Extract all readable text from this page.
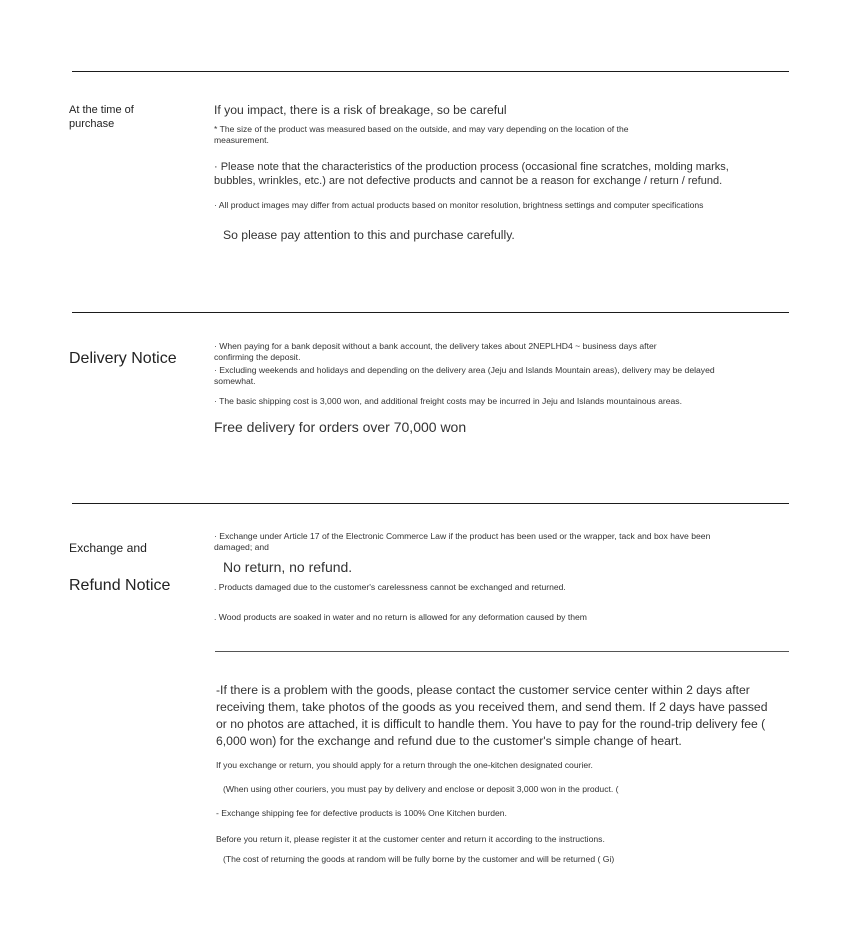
At the time of
purchase
If you impact, there is a risk of breakage, so be careful
* The size of the product was measured based on the outside, and may vary depending on the location of the measurement.
· Please note that the characteristics of the production process (occasional fine scratches, molding marks, bubbles, wrinkles, etc.) are not defective products and cannot be a reason for exchange / return / refund.
· All product images may differ from actual products based on monitor resolution, brightness settings and computer specifications
So please pay attention to this and purchase carefully.
Delivery Notice
· When paying for a bank deposit without a bank account, the delivery takes about 2NEPLHD4 ~ business days after confirming the deposit.
· Excluding weekends and holidays and depending on the delivery area (Jeju and Islands Mountain areas), delivery may be delayed somewhat.
· The basic shipping cost is 3,000 won, and additional freight costs may be incurred in Jeju and Islands mountainous areas.
Free delivery for orders over 70,000 won
Exchange and
Refund Notice
· Exchange under Article 17 of the Electronic Commerce Law if the product has been used or the wrapper, tack and box have been damaged; and
No return, no refund.
. Products damaged due to the customer's carelessness cannot be exchanged and returned.
. Wood products are soaked in water and no return is allowed for any deformation caused by them
-If there is a problem with the goods, please contact the customer service center within 2 days after receiving them, take photos of the goods as you received them, and send them. If 2 days have passed or no photos are attached, it is difficult to handle them. You have to pay for the round-trip delivery fee ( 6,000 won) for the exchange and refund due to the customer's simple change of heart.
If you exchange or return, you should apply for a return through the one-kitchen designated courier.
(When using other couriers, you must pay by delivery and enclose or deposit 3,000 won in the product. (
- Exchange shipping fee for defective products is 100% One Kitchen burden.
Before you return it, please register it at the customer center and return it according to the instructions.
(The cost of returning the goods at random will be fully borne by the customer and will be returned ( Gi)
